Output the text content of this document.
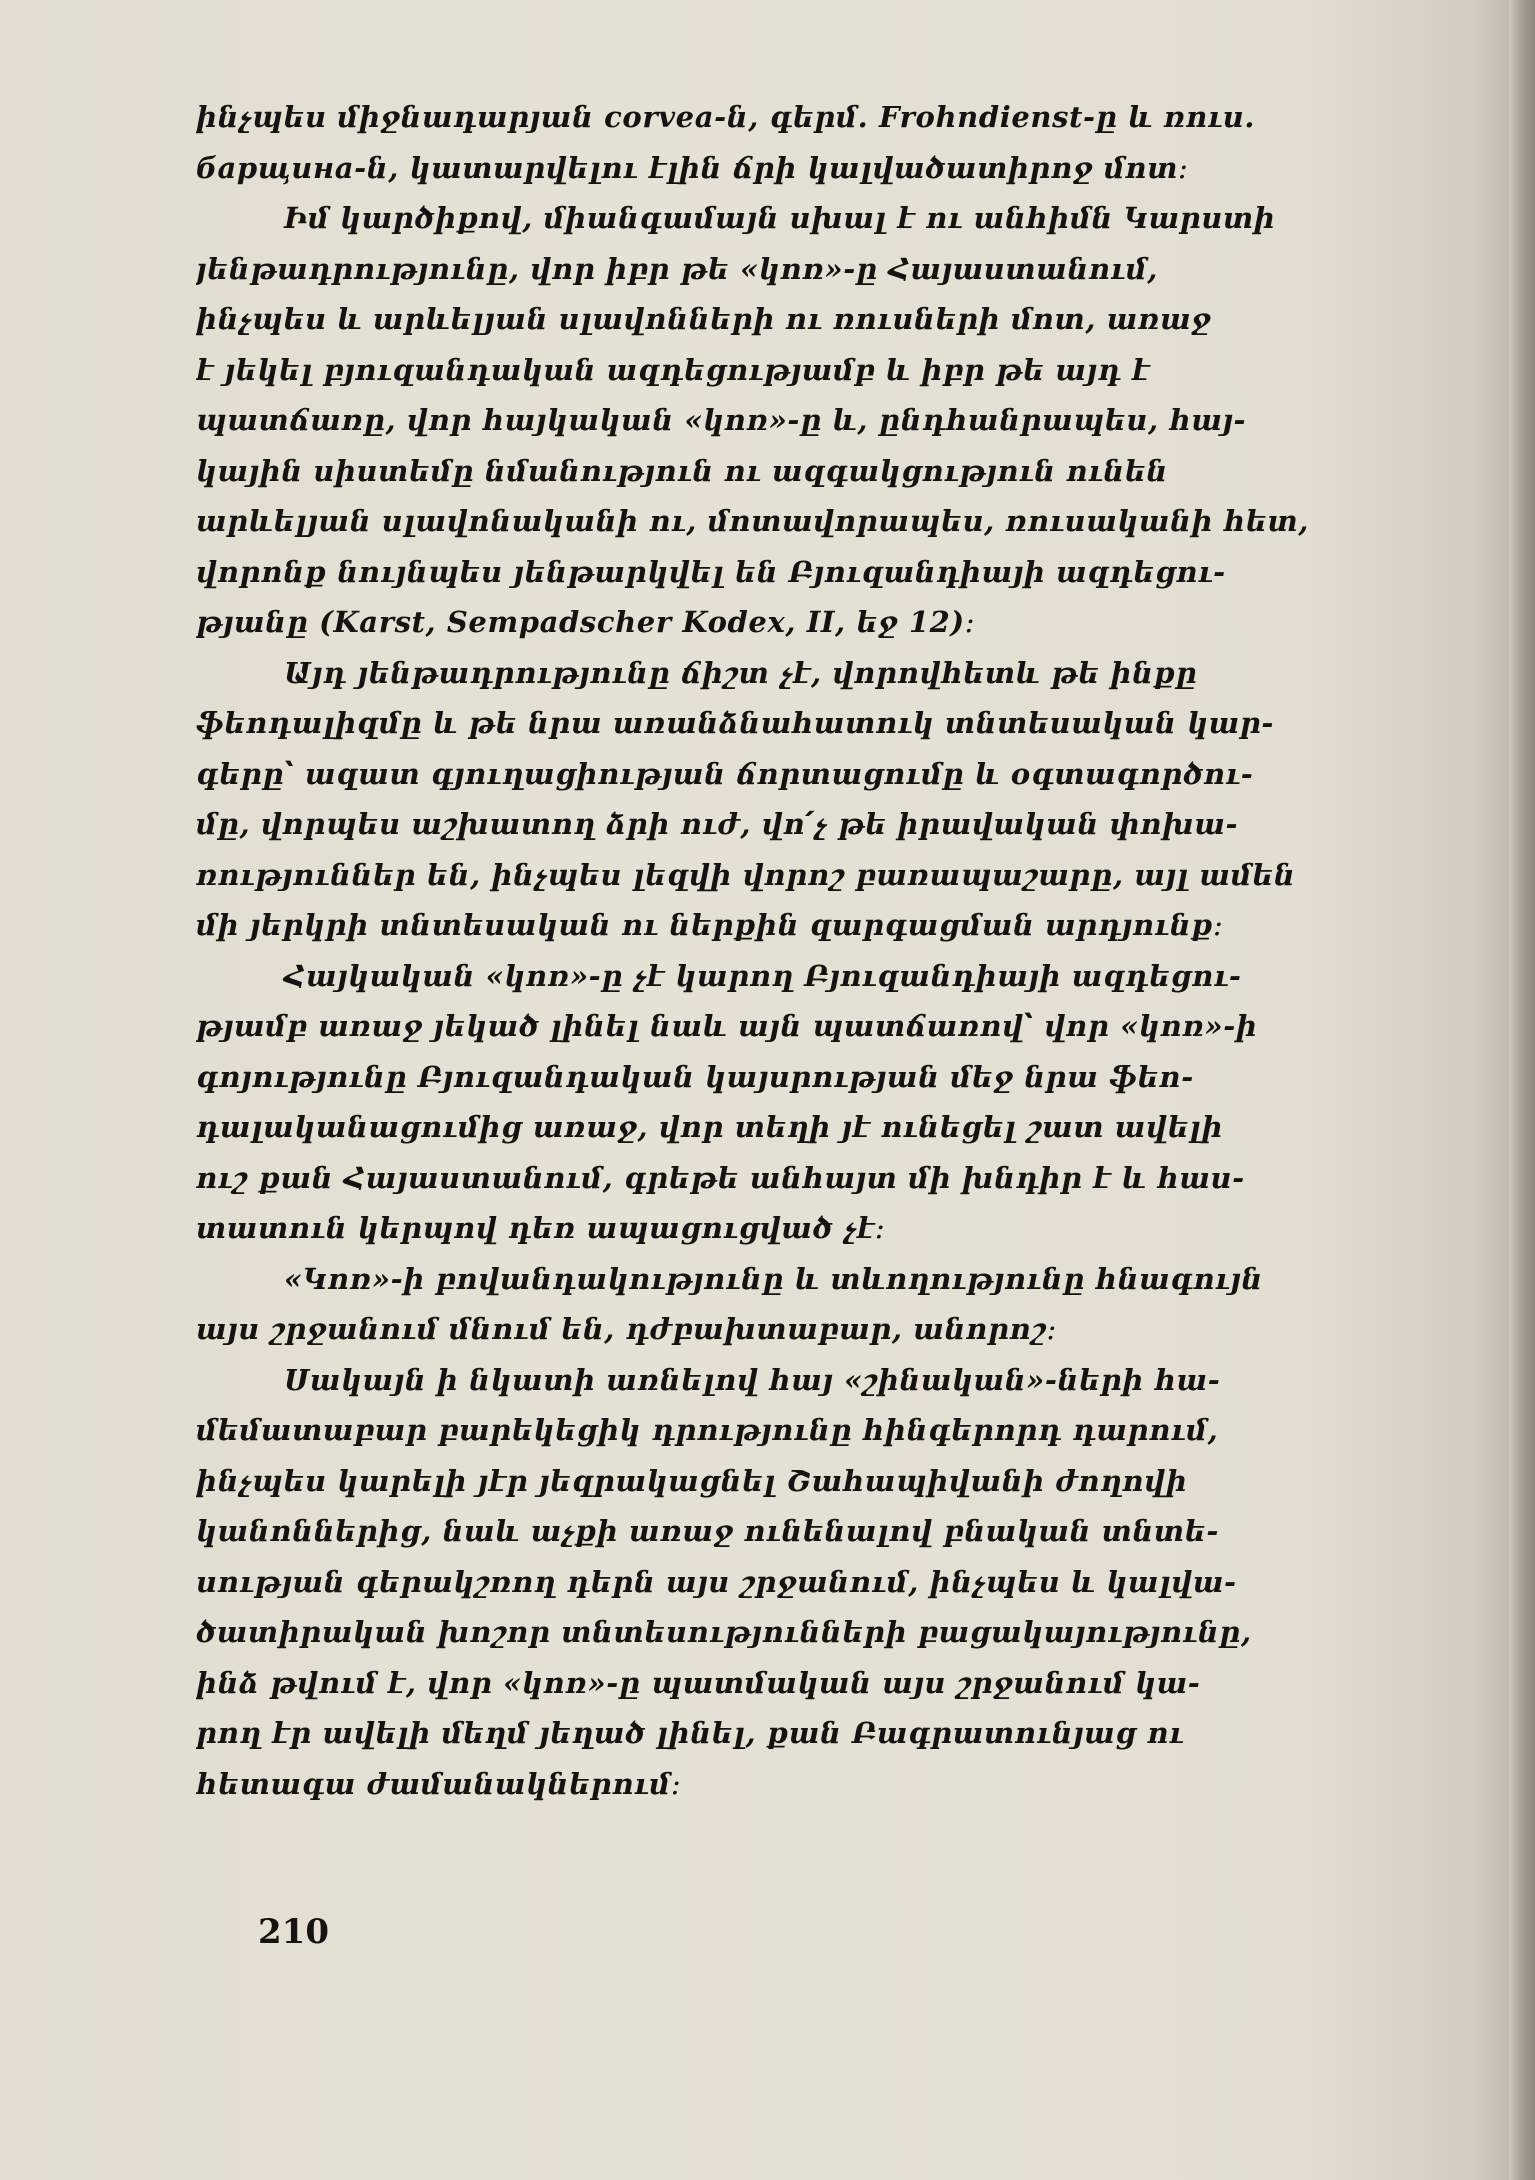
ինչպես միջնադարյան corvea-ն, գերմ. Frohndienst-ը և ռուս.
барщина-ն, կատարվելու էլին ճրի կալվածատիրոջ մոտ։
Իմ կարծիքով, միանգամայն սխալ է ու անհիմն Կարստի
յենթադրությունը, վոր իբր թե «կոռ»-ը Հայաստանում,
ինչպես և արևելյան սլավոնների ու ռուսների մոտ, առաջ
է յեկել բյուզանդական ազդեցությամբ և իբր թե այդ է
պատճառը, վոր հայկական «կոռ»-ը և, ընդհանրապես, հայ-
կային սիստեմը նմանություն ու ազգակցություն ունեն
արևելյան սլավոնականի ու, մոտավորապես, ռուսականի հետ,
վորոնք նույնպես յենթարկվել են Բյուզանդիայի ազդեցու-
թյանը (Karst, Sempadscher Kodex, II, եջ 12)։
Այդ յենթադրությունը ճիշտ չէ, վորովհետև թե ինքը
ֆեոդալիզմը և թե նրա առանձնահատուկ տնտեսական կար-
գերը՝ ազատ գյուղացիության ճորտացումը և օգտագործու-
մը, վորպես աշխատող ձրի ուժ, վո՛չ թե իրավական փոխա-
ռություններ են, ինչպես լեզվի վորոշ բառապաշարը, այլ ամեն
մի յերկրի տնտեսական ու ներքին զարգացման արդյունք։
Հայկական «կոռ»-ը չէ կարող Բյուզանդիայի ազդեցու-
թյամբ առաջ յեկած լինել նաև այն պատճառով՝ վոր «կոռ»-ի
գոյությունը Բյուզանդական կայսրության մեջ նրա ֆեո-
դալականացումից առաջ, վոր տեղի յէ ունեցել շատ ավելի
ուշ քան Հայաստանում, գրեթե անհայտ մի խնդիր է և հաս-
տատուն կերպով դեռ ապացուցված չէ։
«Կոռ»-ի բովանդակությունը և տևողությունը հնագույն
այս շրջանում մնում են, դժբախտաբար, անորոշ։
Սակայն ի նկատի առնելով հայ «շինական»-ների հա-
մեմատաբար բարեկեցիկ դրությունը հինգերորդ դարում,
ինչպես կարելի յէր յեզրակացնել Շահապիվանի ժողովի
կանոններից, նաև աչքի առաջ ունենալով բնական տնտե-
սության գերակշռող դերն այս շրջանում, ինչպես և կալվա-
ծատիրական խոշոր տնտեսությունների բացակայությունը,
ինձ թվում է, վոր «կոռ»-ը պատմական այս շրջանում կա-
րող էր ավելի մեղմ յեղած լինել, քան Բագրատունյաց ու
հետագա ժամանակներում։
210
